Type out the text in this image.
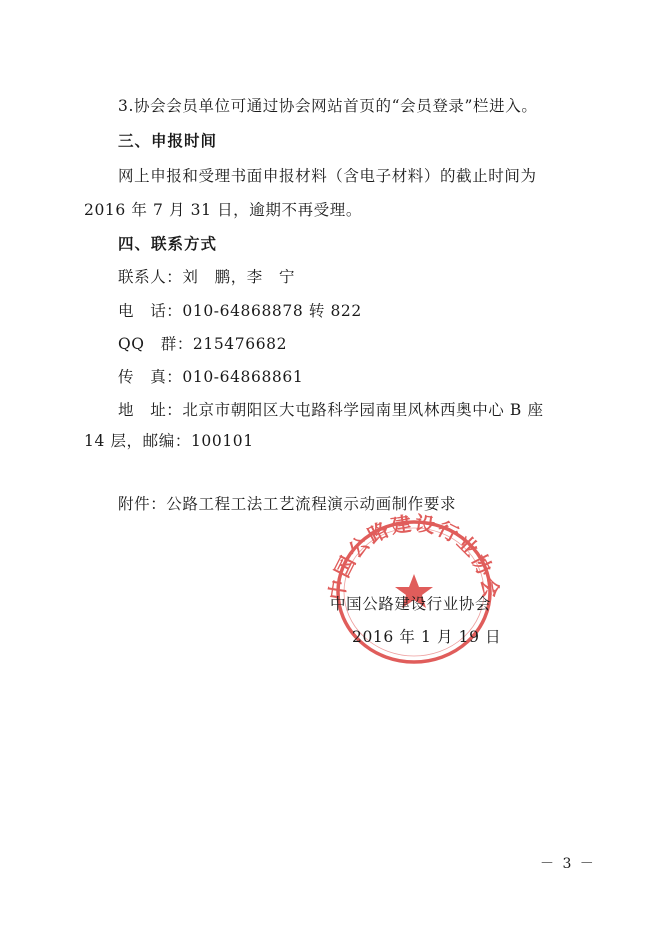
3.协会会员单位可通过协会网站首页的“会员登录”栏进入。
三、申报时间
网上申报和受理书面申报材料（含电子材料）的截止时间为
2016 年 7 月 31 日，逾期不再受理。
四、联系方式
联系人：刘　鹏，李　宁
电　话：010-64868878 转 822
QQ　群：215476682
传　真：010-64868861
地　址：北京市朝阳区大屯路科学园南里风林西奥中心 B 座
14 层，邮编：100101
附件：公路工程工法工艺流程演示动画制作要求
中国公路建设行业协会
中国公路建设行业协会
2016 年 1 月 19 日
－ 3 －
